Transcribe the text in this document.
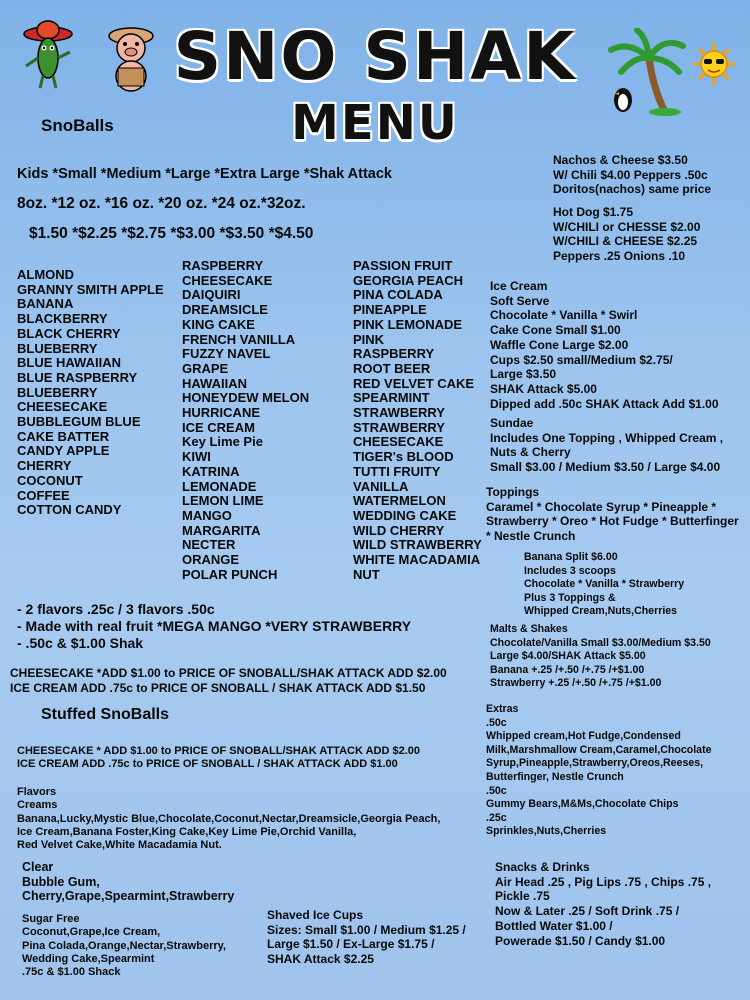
SNO SHAK
MENU
SnoBalls
Kids *Small *Medium *Large *Extra Large *Shak Attack
8oz. *12 oz. *16 oz. *20 oz. *24 oz.*32oz.
$1.50 *$2.25 *$2.75 *$3.00 *$3.50 *$4.50
ALMOND
GRANNY SMITH APPLE
BANANA
BLACKBERRY
BLACK CHERRY
BLUEBERRY
BLUE HAWAIIAN
BLUE RASPBERRY
BLUEBERRY
CHEESECAKE
BUBBLEGUM BLUE
CAKE BATTER
CANDY APPLE
CHERRY
COCONUT
COFFEE
COTTON CANDY
RASPBERRY
CHEESECAKE
DAIQUIRI
DREAMSICLE
KING CAKE
FRENCH VANILLA
FUZZY NAVEL
GRAPE
HAWAIIAN
HONEYDEW MELON
HURRICANE
ICE CREAM
Key Lime Pie
KIWI
KATRINA
LEMONADE
LEMON LIME
MANGO
MARGARITA
NECTER
ORANGE
POLAR PUNCH
PASSION FRUIT
GEORGIA PEACH
PINA COLADA
PINEAPPLE
PINK LEMONADE
PINK
RASPBERRY
ROOT BEER
RED VELVET CAKE
SPEARMINT
STRAWBERRY
STRAWBERRY
CHEESECAKE
TIGER's BLOOD
TUTTI FRUITY
VANILLA
WATERMELON
WEDDING CAKE
WILD CHERRY
WILD STRAWBERRY
WHITE MACADAMIA
NUT
- 2 flavors .25c / 3 flavors .50c
- Made with real fruit *MEGA MANGO *VERY STRAWBERRY
- .50c & $1.00 Shak
CHEESECAKE *ADD $1.00 to PRICE OF SNOBALL/SHAK ATTACK ADD $2.00
ICE CREAM ADD .75c to PRICE OF SNOBALL / SHAK ATTACK ADD $1.50
Stuffed SnoBalls
CHEESECAKE * ADD $1.00 to PRICE OF SNOBALL/SHAK ATTACK ADD $2.00
ICE CREAM ADD .75c to PRICE OF SNOBALL / SHAK ATTACK ADD $1.00
Flavors
Creams
Banana,Lucky,Mystic Blue,Chocolate,Coconut,Nectar,Dreamsicle,Georgia Peach,
Ice Cream,Banana Foster,King Cake,Key Lime Pie,Orchid Vanilla,
Red Velvet Cake,White Macadamia Nut.
Clear
Bubble Gum,
Cherry,Grape,Spearmint,Strawberry
Sugar Free
Coconut,Grape,Ice Cream,
Pina Colada,Orange,Nectar,Strawberry,
Wedding Cake,Spearmint
.75c & $1.00 Shack
Shaved Ice Cups
Sizes: Small $1.00 / Medium $1.25 /
Large $1.50 / Ex-Large $1.75 /
SHAK Attack $2.25
Nachos & Cheese $3.50
W/ Chili $4.00 Peppers .50c
Doritos(nachos) same price
Hot Dog $1.75
W/CHILI or CHESSE $2.00
W/CHILI & CHEESE $2.25
Peppers .25 Onions .10
Ice Cream
Soft Serve
Chocolate * Vanilla * Swirl
Cake Cone Small $1.00
Waffle Cone Large $2.00
Cups $2.50 small/Medium $2.75/
Large $3.50
SHAK Attack $5.00
Dipped add .50c SHAK Attack Add $1.00
Sundae
Includes One Topping , Whipped Cream ,
Nuts & Cherry
Small $3.00 / Medium $3.50 / Large $4.00
Toppings
Caramel * Chocolate Syrup * Pineapple *
Strawberry * Oreo * Hot Fudge * Butterfinger
* Nestle Crunch
Banana Split $6.00
Includes 3 scoops
Chocolate * Vanilla * Strawberry
Plus 3 Toppings &
Whipped Cream,Nuts,Cherries
Malts & Shakes
Chocolate/Vanilla Small $3.00/Medium $3.50
Large $4.00/SHAK Attack $5.00
Banana +.25 /+.50 /+.75 /+$1.00
Strawberry +.25 /+.50 /+.75 /+$1.00
Extras
.50c
Whipped cream,Hot Fudge,Condensed
Milk,Marshmallow Cream,Caramel,Chocolate
Syrup,Pineapple,Strawberry,Oreos,Reeses,
Butterfinger, Nestle Crunch
.50c
Gummy Bears,M&Ms,Chocolate Chips
.25c
Sprinkles,Nuts,Cherries
Snacks & Drinks
Air Head .25 , Pig Lips .75 , Chips .75 ,
Pickle .75
Now & Later .25 / Soft Drink .75 /
Bottled Water $1.00 /
Powerade $1.50 / Candy $1.00
